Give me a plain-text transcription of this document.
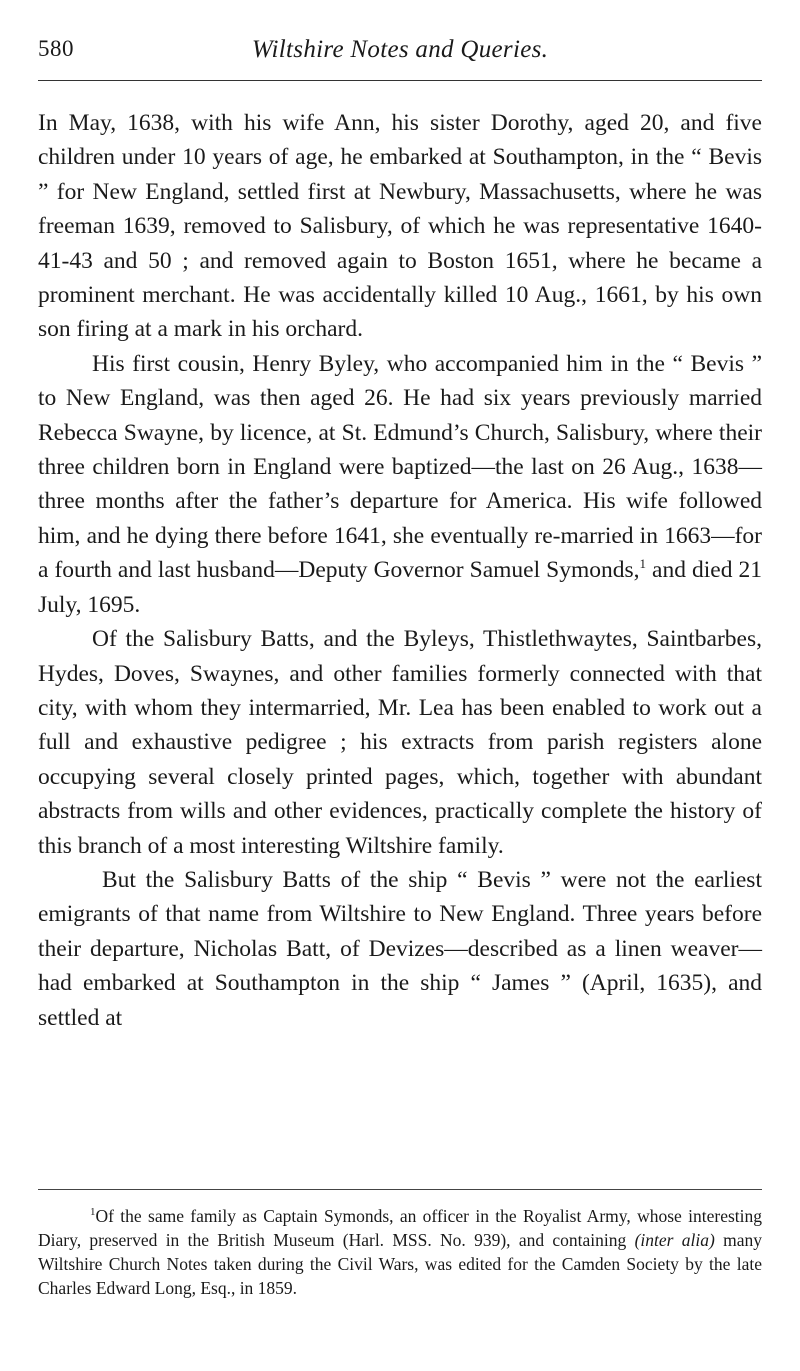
580	Wiltshire Notes and Queries.

In May, 1638, with his wife Ann, his sister Dorothy, aged 20, and five children under 10 years of age, he embarked at Southampton, in the “ Bevis ” for New England, settled first at Newbury, Massachusetts, where he was freeman 1639, removed to Salisbury, of which he was representative 1640-41-43 and 50 ; and removed again to Boston 1651, where he became a prominent merchant. He was accidentally killed 10 Aug., 1661, by his own son firing at a mark in his orchard.

His first cousin, Henry Byley, who accompanied him in the “ Bevis ” to New England, was then aged 26. He had six years previously married Rebecca Swayne, by licence, at St. Edmund’s Church, Salisbury, where their three children born in England were baptized—the last on 26 Aug., 1638—three months after the father’s departure for America. His wife followed him, and he dying there before 1641, she eventually re-married in 1663—for a fourth and last husband—Deputy Governor Samuel Symonds,$^1$ and died 21 July, 1695.

Of the Salisbury Batts, and the Byleys, Thistlethwaytes, Saintbarbes, Hydes, Doves, Swaynes, and other families formerly connected with that city, with whom they intermarried, Mr. Lea has been enabled to work out a full and exhaustive pedigree ; his extracts from parish registers alone occupying several closely printed pages, which, together with abundant abstracts from wills and other evidences, practically complete the history of this branch of a most interesting Wiltshire family.

But the Salisbury Batts of the ship “ Bevis ” were not the earliest emigrants of that name from Wiltshire to New England. Three years before their departure, Nicholas Batt, of Devizes—described as a linen weaver—had embarked at Southampton in the ship “ James ” (April, 1635), and settled at

$^1$Of the same family as Captain Symonds, an officer in the Royalist Army, whose interesting Diary, preserved in the British Museum (Harl. MSS. No. 939), and containing (inter alia) many Wiltshire Church Notes taken during the Civil Wars, was edited for the Camden Society by the late Charles Edward Long, Esq., in 1859.
